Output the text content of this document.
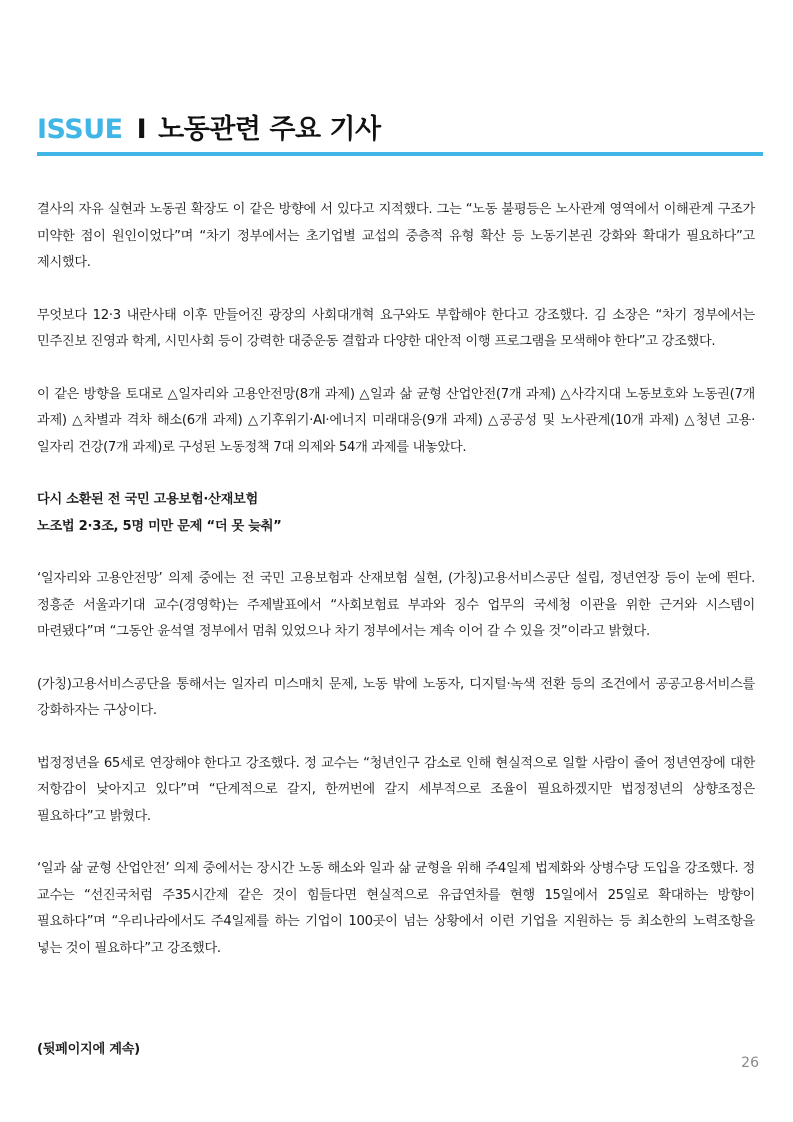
ISSUE I 노동관련 주요 기사

결사의 자유 실현과 노동권 확장도 이 같은 방향에 서 있다고 지적했다. 그는 “노동 불평등은 노사관계 영역에서 이해관계 구조가 미약한 점이 원인이었다”며 “차기 정부에서는 초기업별 교섭의 중층적 유형 확산 등 노동기본권 강화와 확대가 필요하다”고 제시했다.

무엇보다 12·3 내란사태 이후 만들어진 광장의 사회대개혁 요구와도 부합해야 한다고 강조했다. 김 소장은 “차기 정부에서는 민주진보 진영과 학계, 시민사회 등이 강력한 대중운동 결합과 다양한 대안적 이행 프로그램을 모색해야 한다”고 강조했다.

이 같은 방향을 토대로 △일자리와 고용안전망(8개 과제) △일과 삶 균형 산업안전(7개 과제) △사각지대 노동보호와 노동권(7개 과제) △차별과 격차 해소(6개 과제) △기후위기·AI·에너지 미래대응(9개 과제) △공공성 및 노사관계(10개 과제) △청년 고용·일자리 건강(7개 과제)로 구성된 노동정책 7대 의제와 54개 과제를 내놓았다.

다시 소환된 전 국민 고용보험·산재보험

노조법 2·3조, 5명 미만 문제 “더 못 늦춰”

‘일자리와 고용안전망’ 의제 중에는 전 국민 고용보험과 산재보험 실현, (가칭)고용서비스공단 설립, 정년연장 등이 눈에 띈다. 정흥준 서울과기대 교수(경영학)는 주제발표에서 “사회보험료 부과와 징수 업무의 국세청 이관을 위한 근거와 시스템이 마련됐다”며 “그동안 윤석열 정부에서 멈춰 있었으나 차기 정부에서는 계속 이어 갈 수 있을 것”이라고 밝혔다.

(가칭)고용서비스공단을 통해서는 일자리 미스매치 문제, 노동 밖에 노동자, 디지털·녹색 전환 등의 조건에서 공공고용서비스를 강화하자는 구상이다.

법정정년을 65세로 연장해야 한다고 강조했다. 정 교수는 “청년인구 감소로 인해 현실적으로 일할 사람이 줄어 정년연장에 대한 저항감이 낮아지고 있다”며 “단계적으로 갈지, 한꺼번에 갈지 세부적으로 조율이 필요하겠지만 법정정년의 상향조정은 필요하다”고 밝혔다.

‘일과 삶 균형 산업안전’ 의제 중에서는 장시간 노동 해소와 일과 삶 균형을 위해 주4일제 법제화와 상병수당 도입을 강조했다. 정 교수는 “선진국처럼 주35시간제 같은 것이 힘들다면 현실적으로 유급연차를 현행 15일에서 25일로 확대하는 방향이 필요하다”며 “우리나라에서도 주4일제를 하는 기업이 100곳이 넘는 상황에서 이런 기업을 지원하는 등 최소한의 노력조항을 넣는 것이 필요하다”고 강조했다.

(뒷페이지에 계속)
26
